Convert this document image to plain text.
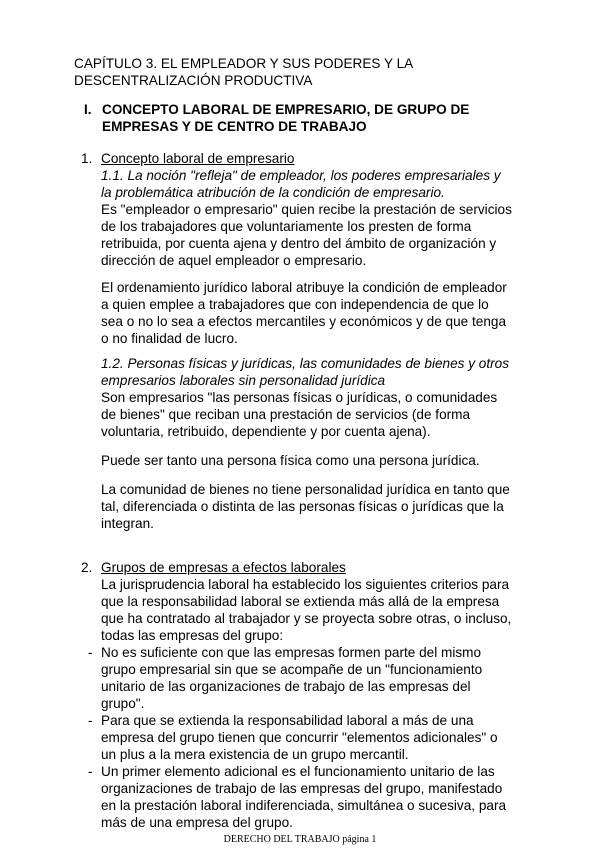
CAPÍTULO 3. EL EMPLEADOR Y SUS PODERES Y LA
DESCENTRALIZACIÓN PRODUCTIVA
I. CONCEPTO LABORAL DE EMPRESARIO, DE GRUPO DE
EMPRESAS Y DE CENTRO DE TRABAJO
1. Concepto laboral de empresario
1.1. La noción "refleja" de empleador, los poderes empresariales y
la problemática atribución de la condición de empresario.
Es "empleador o empresario" quien recibe la prestación de servicios
de los trabajadores que voluntariamente los presten de forma
retribuida, por cuenta ajena y dentro del ámbito de organización y
dirección de aquel empleador o empresario.
El ordenamiento jurídico laboral atribuye la condición de empleador
a quien emplee a trabajadores que con independencia de que lo
sea o no lo sea a efectos mercantiles y económicos y de que tenga
o no finalidad de lucro.
1.2. Personas físicas y jurídicas, las comunidades de bienes y otros
empresarios laborales sin personalidad jurídica
Son empresarios "las personas físicas o jurídicas, o comunidades
de bienes" que reciban una prestación de servicios (de forma
voluntaria, retribuido, dependiente y por cuenta ajena).
Puede ser tanto una persona física como una persona jurídica.
La comunidad de bienes no tiene personalidad jurídica en tanto que
tal, diferenciada o distinta de las personas físicas o jurídicas que la
integran.
2. Grupos de empresas a efectos laborales
La jurisprudencia laboral ha establecido los siguientes criterios para
que la responsabilidad laboral se extienda más allá de la empresa
que ha contratado al trabajador y se proyecta sobre otras, o incluso,
todas las empresas del grupo:
- No es suficiente con que las empresas formen parte del mismo
grupo empresarial sin que se acompañe de un "funcionamiento
unitario de las organizaciones de trabajo de las empresas del
grupo".
- Para que se extienda la responsabilidad laboral a más de una
empresa del grupo tienen que concurrir "elementos adicionales" o
un plus a la mera existencia de un grupo mercantil.
- Un primer elemento adicional es el funcionamiento unitario de las
organizaciones de trabajo de las empresas del grupo, manifestado
en la prestación laboral indiferenciada, simultánea o sucesiva, para
más de una empresa del grupo.
DERECHO DEL TRABAJO página 1
